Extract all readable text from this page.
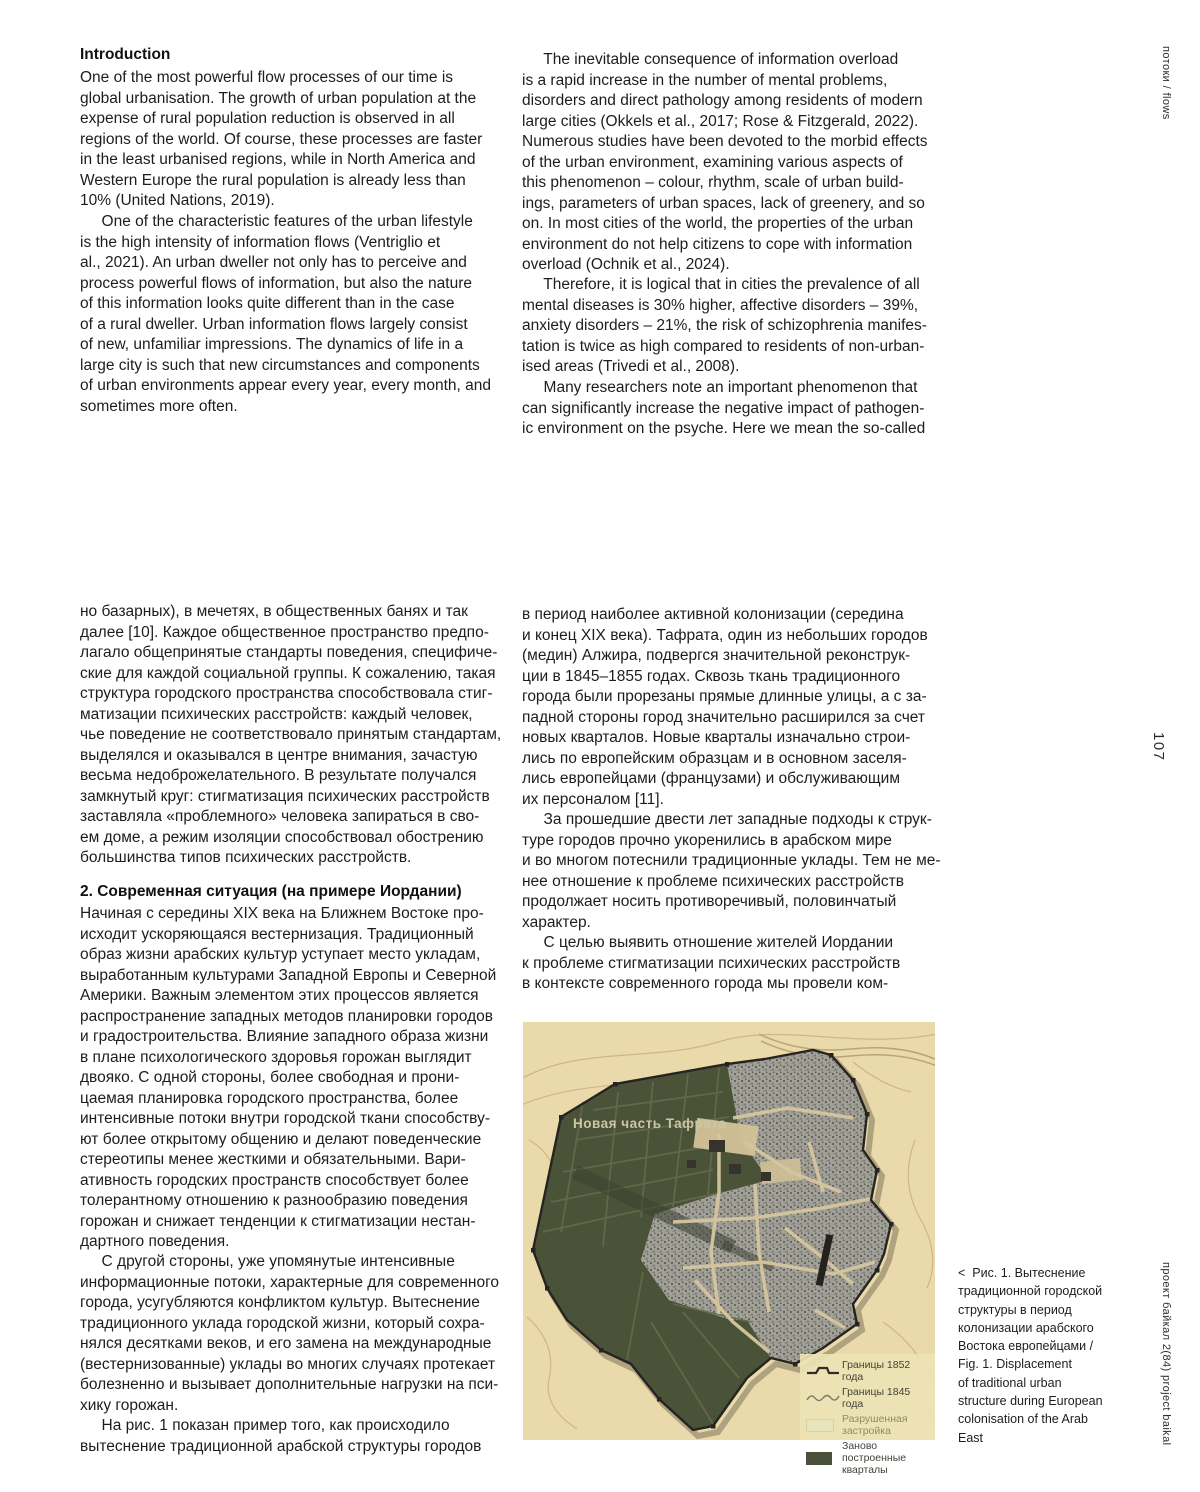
Introduction
One of the most powerful flow processes of our time is
global urbanisation. The growth of urban population at the
expense of rural population reduction is observed in all
regions of the world. Of course, these processes are faster
in the least urbanised regions, while in North America and
Western Europe the rural population is already less than
10% (United Nations, 2019).
One of the characteristic features of the urban lifestyle
is the high intensity of information flows (Ventriglio et
al., 2021). An urban dweller not only has to perceive and
process powerful flows of information, but also the nature
of this information looks quite different than in the case
of a rural dweller. Urban information flows largely consist
of new, unfamiliar impressions. The dynamics of life in a
large city is such that new circumstances and components
of urban environments appear every year, every month, and
sometimes more often.
но базарных), в мечетях, в общественных банях и так
далее [10]. Каждое общественное пространство предпо-
лагало общепринятые стандарты поведения, специфиче-
ские для каждой социальной группы. К сожалению, такая
структура городского пространства способствовала стиг-
матизации психических расстройств: каждый человек,
чье поведение не соответствовало принятым стандартам,
выделялся и оказывался в центре внимания, зачастую
весьма недоброжелательного. В результате получался
замкнутый круг: стигматизация психических расстройств
заставляла «проблемного» человека запираться в сво-
ем доме, а режим изоляции способствовал обострению
большинства типов психических расстройств.
2. Современная ситуация (на примере Иордании)
Начиная с середины XIX века на Ближнем Востоке про-
исходит ускоряющаяся вестернизация. Традиционный
образ жизни арабских культур уступает место укладам,
выработанным культурами Западной Европы и Северной
Америки. Важным элементом этих процессов является
распространение западных методов планировки городов
и градостроительства. Влияние западного образа жизни
в плане психологического здоровья горожан выглядит
двояко. С одной стороны, более свободная и прони-
цаемая планировка городского пространства, более
интенсивные потоки внутри городской ткани способству-
ют более открытому общению и делают поведенческие
стереотипы менее жесткими и обязательными. Вари-
ативность городских пространств способствует более
толерантному отношению к разнообразию поведения
горожан и снижает тенденции к стигматизации нестан-
дартного поведения.
С другой стороны, уже упомянутые интенсивные
информационные потоки, характерные для современного
города, усугубляются конфликтом культур. Вытеснение
традиционного уклада городской жизни, который сохра-
нялся десятками веков, и его замена на международные
(вестернизованные) уклады во многих случаях протекает
болезненно и вызывает дополнительные нагрузки на пси-
хику горожан.
На рис. 1 показан пример того, как происходило
вытеснение традиционной арабской структуры городов
The inevitable consequence of information overload
is a rapid increase in the number of mental problems,
disorders and direct pathology among residents of modern
large cities (Okkels et al., 2017; Rose & Fitzgerald, 2022).
Numerous studies have been devoted to the morbid effects
of the urban environment, examining various aspects of
this phenomenon – colour, rhythm, scale of urban build-
ings, parameters of urban spaces, lack of greenery, and so
on. In most cities of the world, the properties of the urban
environment do not help citizens to cope with information
overload (Ochnik et al., 2024).
Therefore, it is logical that in cities the prevalence of all
mental diseases is 30% higher, affective disorders – 39%,
anxiety disorders – 21%, the risk of schizophrenia manifes-
tation is twice as high compared to residents of non-urban-
ised areas (Trivedi et al., 2008).
Many researchers note an important phenomenon that
can significantly increase the negative impact of pathogen-
ic environment on the psyche. Here we mean the so-called
в период наиболее активной колонизации (середина
и конец XIX века). Тафрата, один из небольших городов
(медин) Алжира, подвергся значительной реконструк-
ции в 1845–1855 годах. Сквозь ткань традиционного
города были прорезаны прямые длинные улицы, а с за-
падной стороны город значительно расширился за счет
новых кварталов. Новые кварталы изначально строи-
лись по европейским образцам и в основном заселя-
лись европейцами (французами) и обслуживающим
их персоналом [11].
За прошедшие двести лет западные подходы к струк-
туре городов прочно укоренились в арабском мире
и во многом потеснили традиционные уклады. Тем не ме-
нее отношение к проблеме психических расстройств
продолжает носить противоречивый, половинчатый
характер.
С целью выявить отношение жителей Иордании
к проблеме стигматизации психических расстройств
в контексте современного города мы провели ком-
Новая часть Тафрата
Границы 1852 года
Границы 1845 года
Разрушенная застройка
Заново построенные кварталы
<  Рис. 1. Вытеснение
традиционной городской
структуры в период
колонизации арабского
Востока европейцами /
Fig. 1. Displacement
of traditional urban
structure during European
colonisation of the Arab
East
потоки / flows
107
проект байкал 2(84) project baikal
